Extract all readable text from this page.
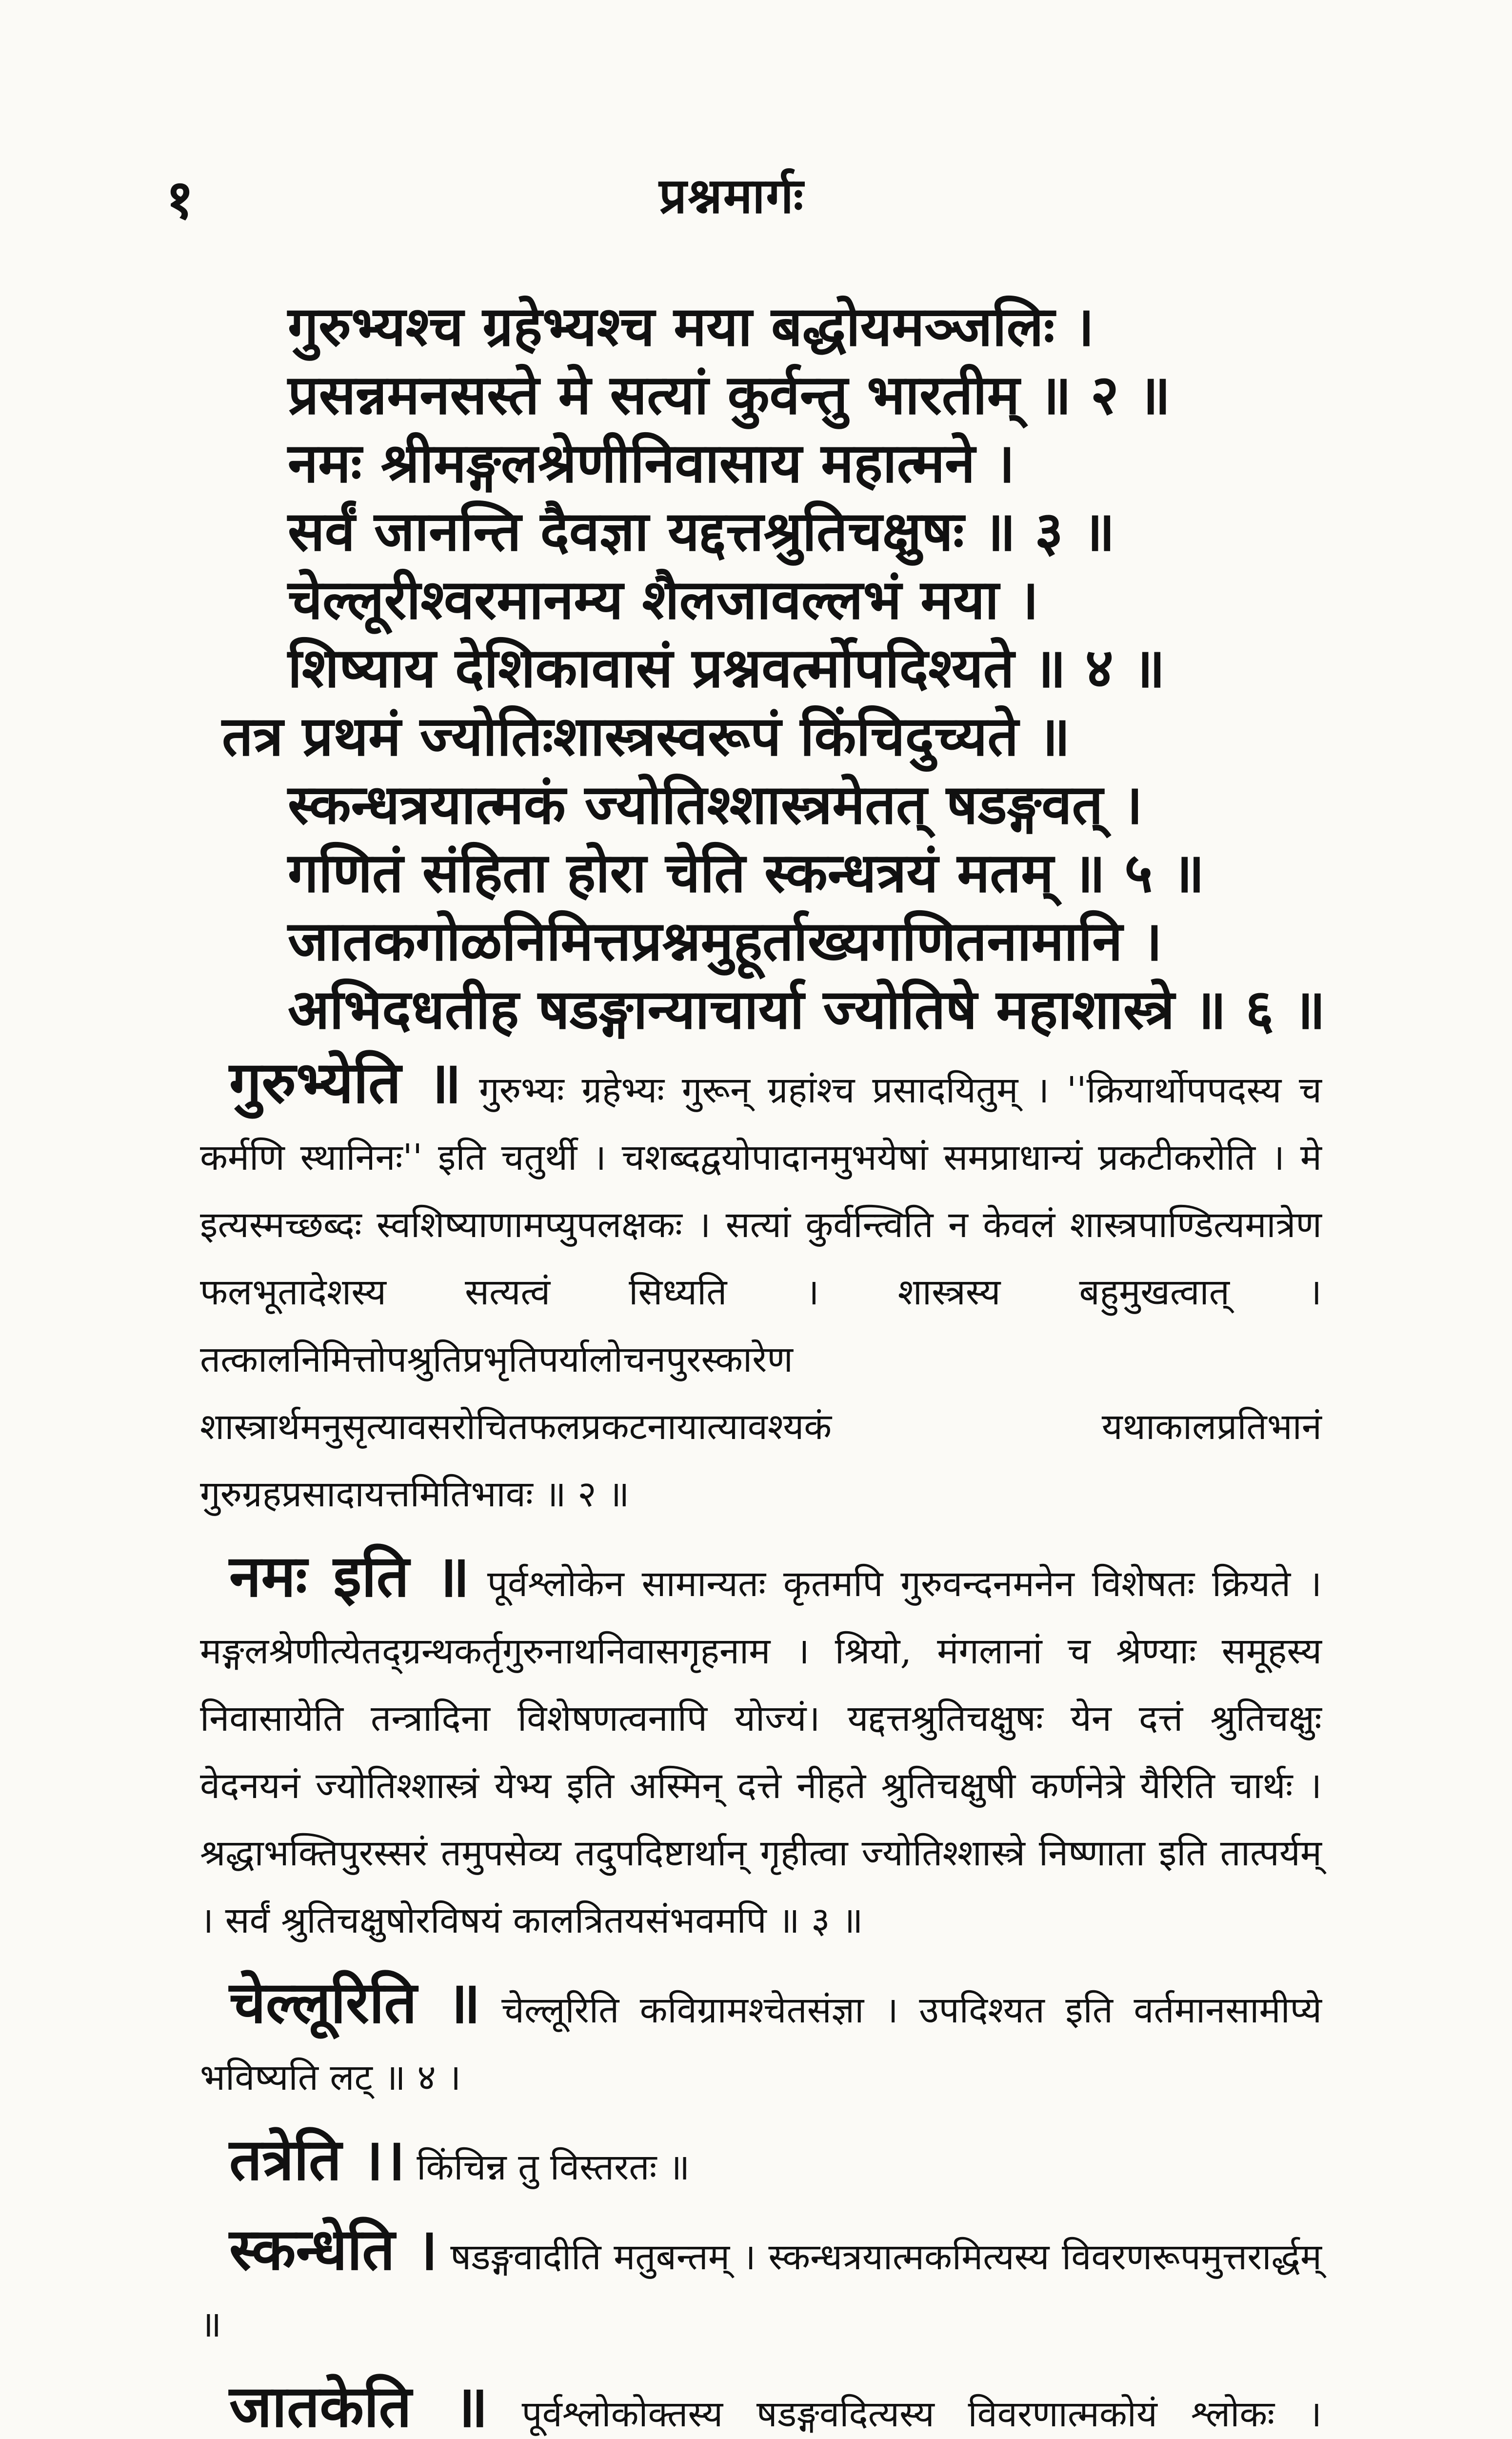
१	प्रश्नमार्गः
गुरुभ्यश्च ग्रहेभ्यश्च मया बद्धोयमञ्जलिः ।
प्रसन्नमनसस्ते मे सत्यां कुर्वन्तु भारतीम् ॥ २ ॥
नमः श्रीमङ्गलश्रेणीनिवासाय महात्मने ।
सर्वं जानन्ति दैवज्ञा यद्दत्तश्रुतिचक्षुषः ॥ ३ ॥
चेल्लूरीश्वरमानम्य शैलजावल्लभं मया ।
शिष्याय देशिकावासं प्रश्नवर्त्मोपदिश्यते ॥ ४ ॥
तत्र प्रथमं ज्योतिःशास्त्रस्वरूपं किंचिदुच्यते ॥
स्कन्धत्रयात्मकं ज्योतिश्शास्त्रमेतत् षडङ्गवत् ।
गणितं संहिता होरा चेति स्कन्धत्रयं मतम् ॥ ५ ॥
जातकगोळनिमित्तप्रश्नमुहूर्ताख्यगणितनामानि ।
अभिदधतीह षडङ्गान्याचार्या ज्योतिषे महाशास्त्रे ॥ ६ ॥

गुरुभ्येति ॥ गुरुभ्यः ग्रहेभ्यः गुरून् ग्रहांश्च प्रसादयितुम् । ''क्रियार्थोपपदस्य च कर्मणि स्थानिनः'' इति चतुर्थी । चशब्दद्वयोपादानमुभयेषां समप्राधान्यं प्रकटीकरोति । मे इत्यस्मच्छब्दः स्वशिष्याणामप्युपलक्षकः । सत्यां कुर्वन्त्विति न केवलं शास्त्रपाण्डित्यमात्रेण फलभूतादेशस्य सत्यत्वं सिध्यति । शास्त्रस्य बहुमुखत्वात् । तत्कालनिमित्तोपश्रुतिप्रभृतिपर्यालोचनपुरस्कारेण शास्त्रार्थमनुसृत्यावसरोचितफलप्रकटनायात्यावश्यकं यथाकालप्रतिभानं गुरुग्रहप्रसादायत्तमितिभावः ॥ २ ॥

नमः इति ॥ पूर्वश्लोकेन सामान्यतः कृतमपि गुरुवन्दनमनेन विशेषतः क्रियते । मङ्गलश्रेणीत्येतद्ग्रन्थकर्तृगुरुनाथनिवासगृहनाम । श्रियो, मंगलानां च श्रेण्याः समूहस्य निवासायेति तन्त्रादिना विशेषणत्वनापि योज्यं। यद्दत्तश्रुतिचक्षुषः येन दत्तं श्रुतिचक्षुः वेदनयनं ज्योतिश्शास्त्रं येभ्य इति अस्मिन् दत्ते नीहते श्रुतिचक्षुषी कर्णनेत्रे यैरिति चार्थः । श्रद्धाभक्तिपुरस्सरं तमुपसेव्य तदुपदिष्टार्थान् गृहीत्वा ज्योतिश्शास्त्रे निष्णाता इति तात्पर्यम् । सर्वं श्रुतिचक्षुषोरविषयं कालत्रितयसंभवमपि ॥ ३ ॥

चेल्लूरिति ॥ चेल्लूरिति कविग्रामश्चेतसंज्ञा । उपदिश्यत इति वर्तमानसामीप्ये भविष्यति लट् ॥ ४ ।

तत्रेति ।। किंचिन्न तु विस्तरतः ॥

स्कन्धेति । षडङ्गवादीति मतुबन्तम् । स्कन्धत्रयात्मकमित्यस्य विवरणरूपमुत्तरार्द्धम् ॥

जातकेति ॥ पूर्वश्लोकोक्तस्य षडङ्गवदित्यस्य विवरणात्मकोयं श्लोकः ।
